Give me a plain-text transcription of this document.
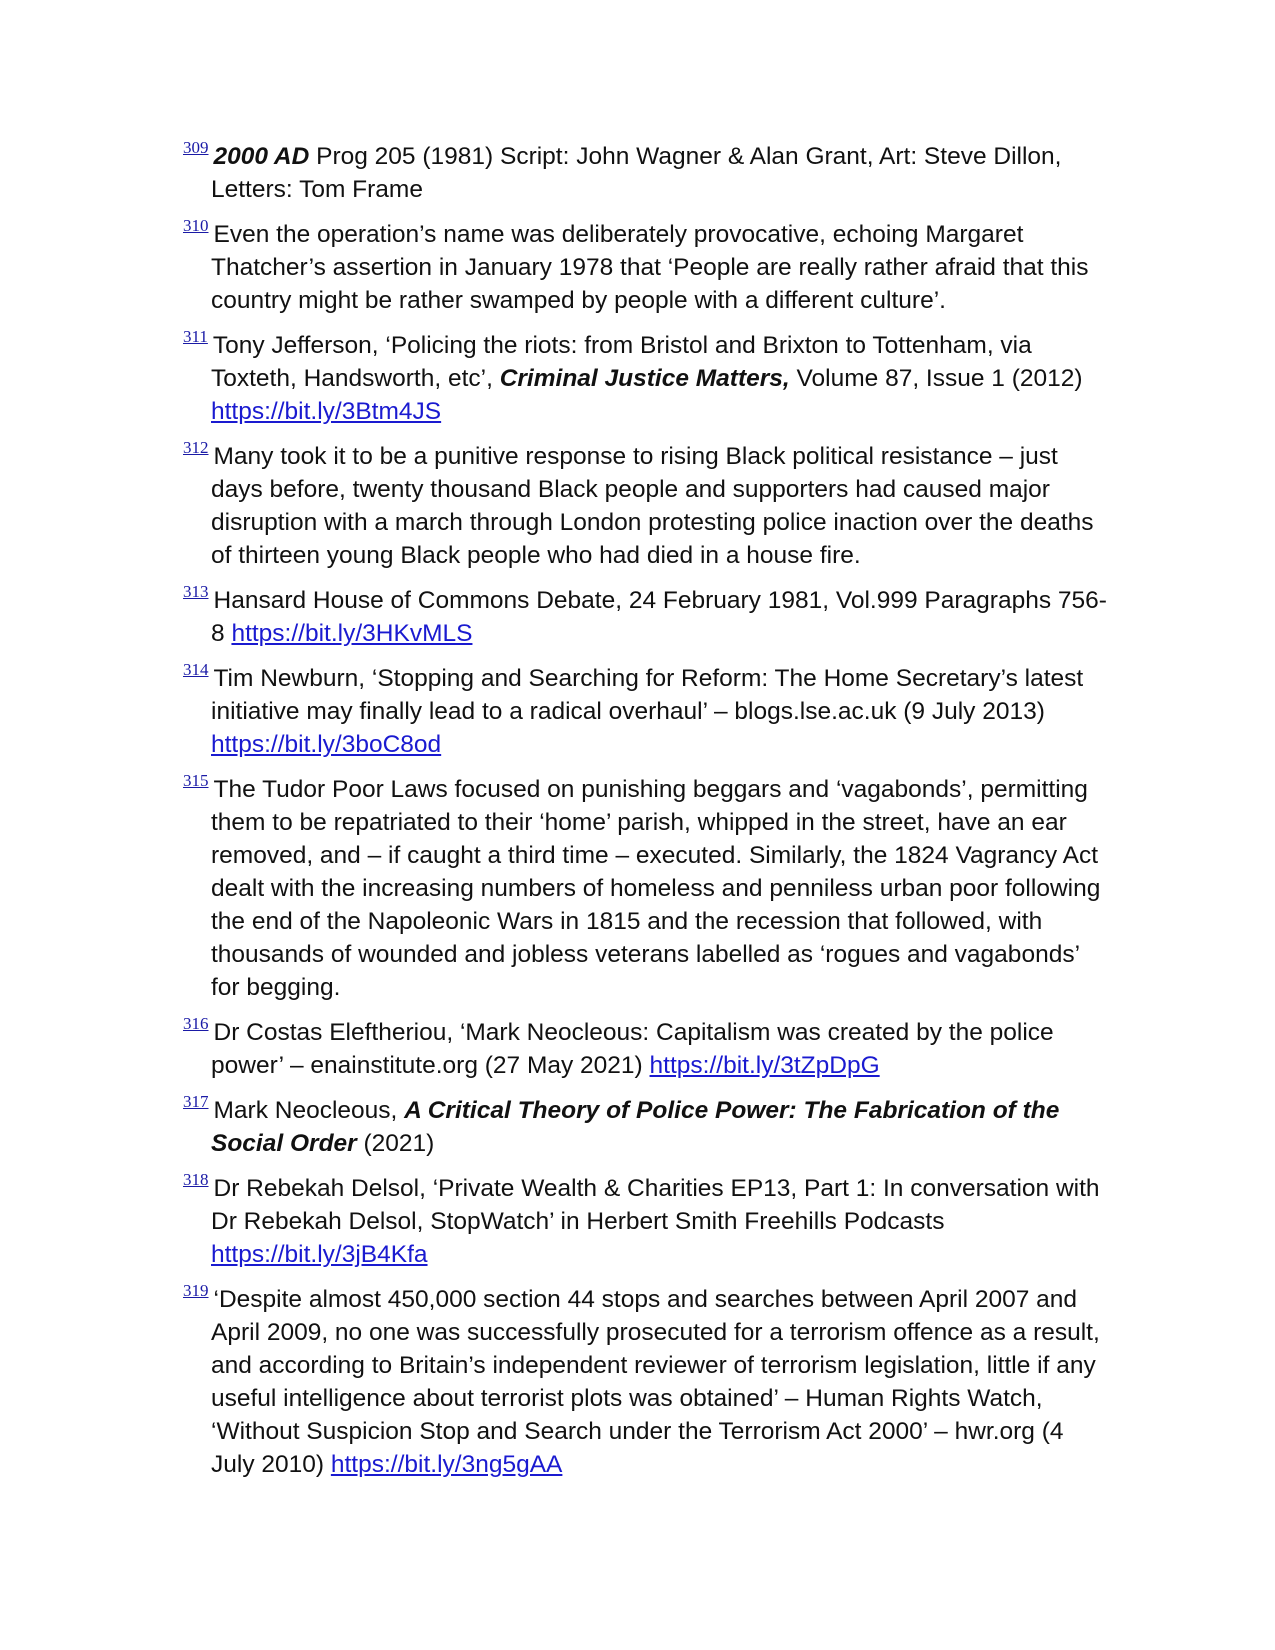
$^{309}$ 2000 AD Prog 205 (1981) Script: John Wagner & Alan Grant, Art: Steve Dillon, Letters: Tom Frame

$^{310}$ Even the operation’s name was deliberately provocative, echoing Margaret Thatcher’s assertion in January 1978 that ‘People are really rather afraid that this country might be rather swamped by people with a different culture’.

$^{311}$ Tony Jefferson, ‘Policing the riots: from Bristol and Brixton to Tottenham, via Toxteth, Handsworth, etc’, Criminal Justice Matters, Volume 87, Issue 1 (2012) https://bit.ly/3Btm4JS

$^{312}$ Many took it to be a punitive response to rising Black political resistance – just days before, twenty thousand Black people and supporters had caused major disruption with a march through London protesting police inaction over the deaths of thirteen young Black people who had died in a house fire.

$^{313}$ Hansard House of Commons Debate, 24 February 1981, Vol.999 Paragraphs 756-8 https://bit.ly/3HKvMLS

$^{314}$ Tim Newburn, ‘Stopping and Searching for Reform: The Home Secretary’s latest initiative may finally lead to a radical overhaul’ – blogs.lse.ac.uk (9 July 2013) https://bit.ly/3boC8od

$^{315}$ The Tudor Poor Laws focused on punishing beggars and ‘vagabonds’, permitting them to be repatriated to their ‘home’ parish, whipped in the street, have an ear removed, and – if caught a third time – executed. Similarly, the 1824 Vagrancy Act dealt with the increasing numbers of homeless and penniless urban poor following the end of the Napoleonic Wars in 1815 and the recession that followed, with thousands of wounded and jobless veterans labelled as ‘rogues and vagabonds’ for begging.

$^{316}$ Dr Costas Eleftheriou, ‘Mark Neocleous: Capitalism was created by the police power’ – enainstitute.org (27 May 2021) https://bit.ly/3tZpDpG

$^{317}$ Mark Neocleous, A Critical Theory of Police Power: The Fabrication of the Social Order (2021)

$^{318}$ Dr Rebekah Delsol, ‘Private Wealth & Charities EP13, Part 1: In conversation with Dr Rebekah Delsol, StopWatch’ in Herbert Smith Freehills Podcasts https://bit.ly/3jB4Kfa

$^{319}$ ‘Despite almost 450,000 section 44 stops and searches between April 2007 and April 2009, no one was successfully prosecuted for a terrorism offence as a result, and according to Britain’s independent reviewer of terrorism legislation, little if any useful intelligence about terrorist plots was obtained’ – Human Rights Watch, ‘Without Suspicion Stop and Search under the Terrorism Act 2000’ – hwr.org (4 July 2010) https://bit.ly/3ng5gAA
